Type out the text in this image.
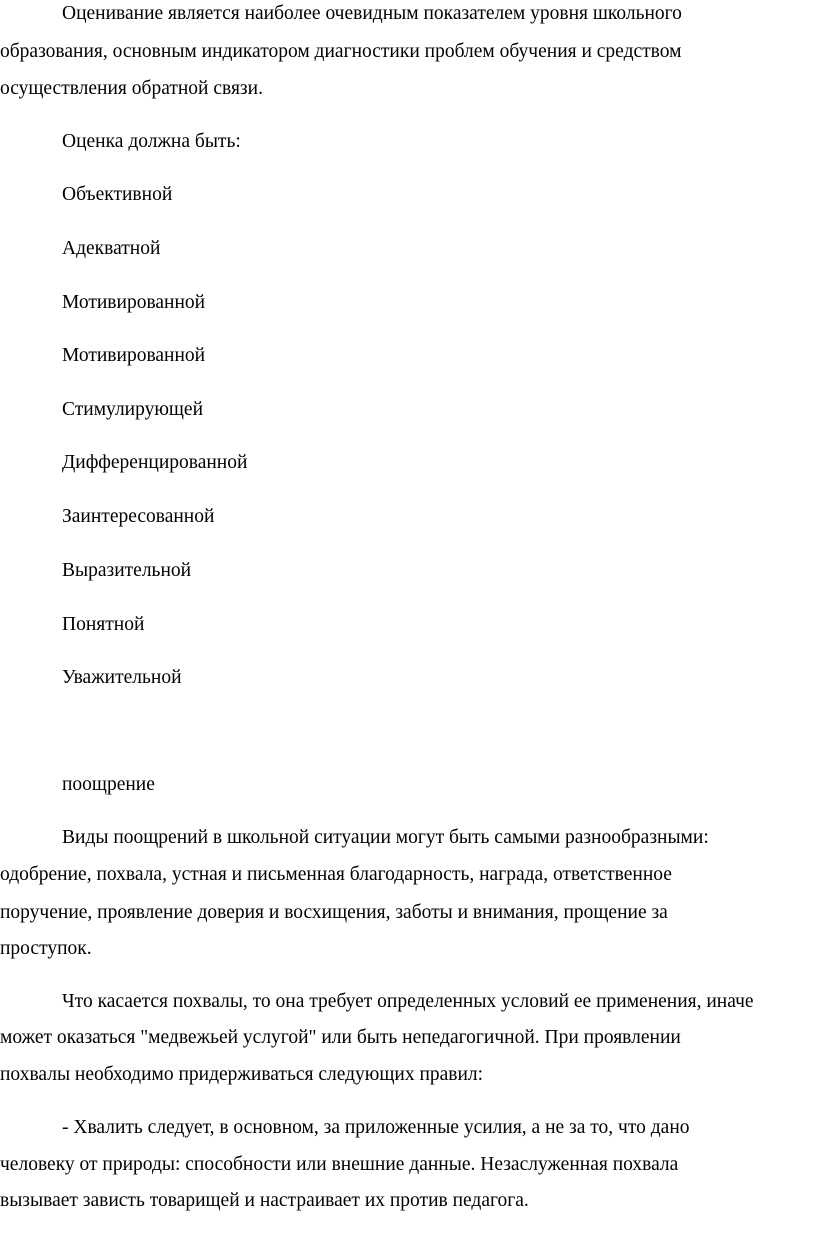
Оценивание является наиболее очевидным показателем уровня школьного

образования, основным индикатором диагностики проблем обучения и средством

осуществления обратной связи.

Оценка должна быть:

Объективной

Адекватной

Мотивированной

Мотивированной

Стимулирующей

Дифференцированной

Заинтересованной

Выразительной

Понятной

Уважительной

поощрение

Виды поощрений в школьной ситуации могут быть самыми разнообразными:

одобрение, похвала, устная и письменная благодарность, награда, ответственное

поручение, проявление доверия и восхищения, заботы и внимания, прощение за

проступок.

Что касается похвалы, то она требует определенных условий ее применения, иначе

может оказаться "медвежьей услугой" или быть непедагогичной. При проявлении

похвалы необходимо придерживаться следующих правил:

- Хвалить следует, в основном, за приложенные усилия, а не за то, что дано

человеку от природы: способности или внешние данные. Незаслуженная похвала

вызывает зависть товарищей и настраивает их против педагога.
